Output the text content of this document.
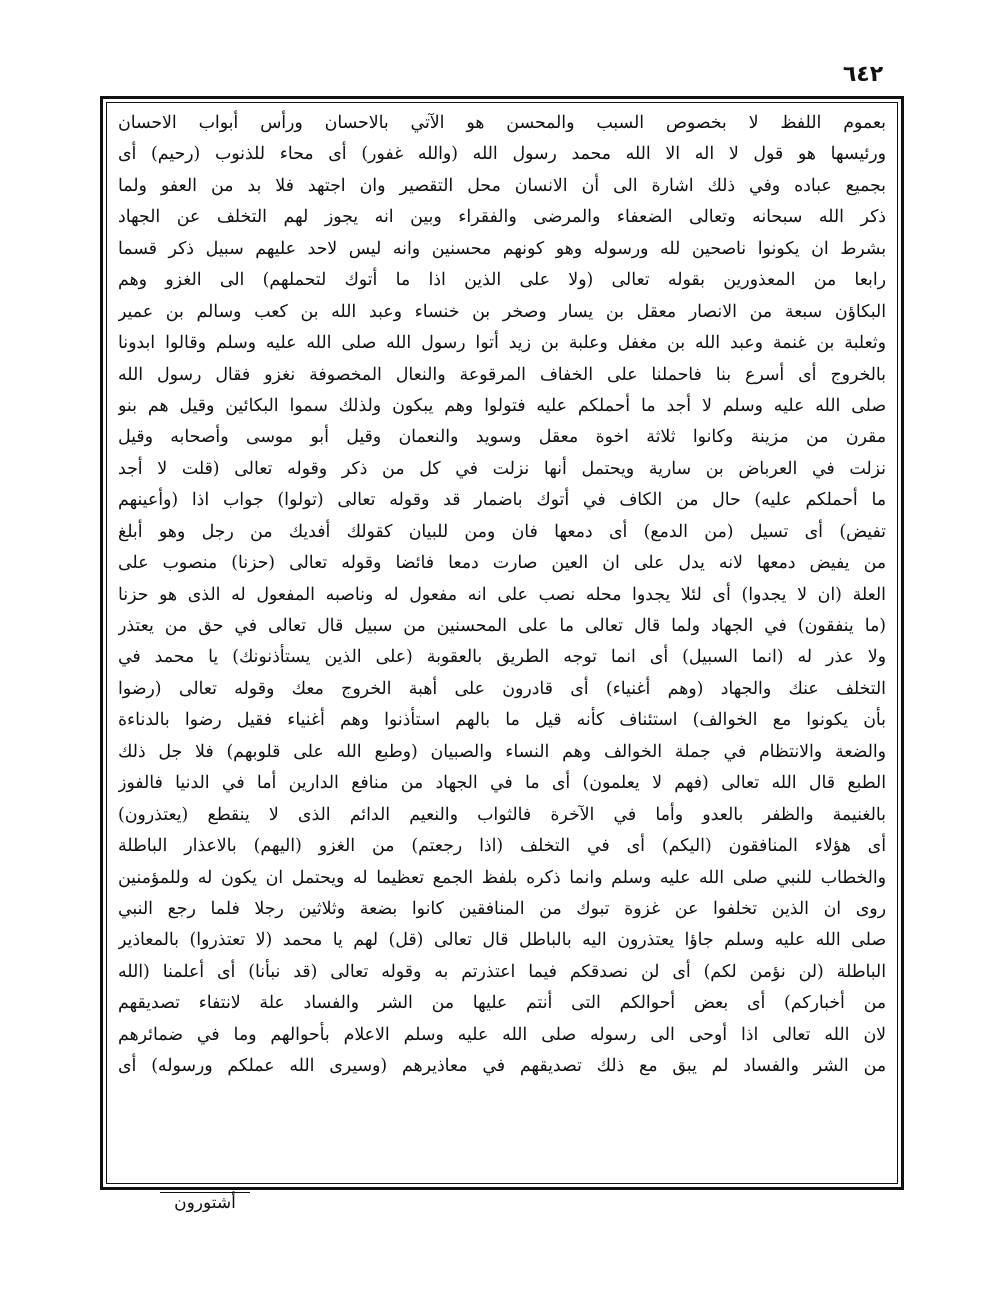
٦٤٢
بعموم اللفظ لا بخصوص السبب والمحسن هو الآتي بالاحسان ورأس أبواب الاحسان
ورئيسها هو قول لا اله الا الله محمد رسول الله (والله غفور) أى محاء للذنوب (رحيم) أى
بجميع عباده وفي ذلك اشارة الى أن الانسان محل التقصير وان اجتهد فلا بد من العفو ولما
ذكر الله سبحانه وتعالى الضعفاء والمرضى والفقراء وبين انه يجوز لهم التخلف عن الجهاد
بشرط ان يكونوا ناصحين لله ورسوله وهو كونهم محسنين وانه ليس لاحد عليهم سبيل ذكر قسما
رابعا من المعذورين بقوله تعالى (ولا على الذين اذا ما أتوك لتحملهم) الى الغزو وهم
البكاؤن سبعة من الانصار معقل بن يسار وصخر بن خنساء وعبد الله بن كعب وسالم بن عمير
وثعلبة بن غنمة وعبد الله بن مغفل وعلبة بن زيد أتوا رسول الله صلى الله عليه وسلم وقالوا ابدونا
بالخروج أى أسرع بنا فاحملنا على الخفاف المرقوعة والنعال المخصوفة نغزو فقال رسول الله
صلى الله عليه وسلم لا أجد ما أحملكم عليه فتولوا وهم يبكون ولذلك سموا البكائين وقيل هم بنو
مقرن من مزينة وكانوا ثلاثة اخوة معقل وسويد والنعمان وقيل أبو موسى وأصحابه وقيل
نزلت في العرباض بن سارية ويحتمل أنها نزلت في كل من ذكر وقوله تعالى (قلت لا أجد
ما أحملكم عليه) حال من الكاف في أتوك باضمار قد وقوله تعالى (تولوا) جواب اذا (وأعينهم
تفيض) أى تسيل (من الدمع) أى دمعها فان ومن للبيان كقولك أفديك من رجل وهو أبلغ
من يفيض دمعها لانه يدل على ان العين صارت دمعا فائضا وقوله تعالى (حزنا) منصوب على
العلة (ان لا يجدوا) أى لئلا يجدوا محله نصب على انه مفعول له وناصبه المفعول له الذى هو حزنا
(ما ينفقون) في الجهاد ولما قال تعالى ما على المحسنين من سبيل قال تعالى في حق من يعتذر
ولا عذر له (انما السبيل) أى انما توجه الطريق بالعقوبة (على الذين يستأذنونك) يا محمد في
التخلف عنك والجهاد (وهم أغنياء) أى قادرون على أهبة الخروج معك وقوله تعالى (رضوا
بأن يكونوا مع الخوالف) استئناف كأنه قيل ما بالهم استأذنوا وهم أغنياء فقيل رضوا بالدناءة
والضعة والانتظام في جملة الخوالف وهم النساء والصبيان (وطبع الله على قلوبهم) فلا جل ذلك
الطبع قال الله تعالى (فهم لا يعلمون) أى ما في الجهاد من منافع الدارين أما في الدنيا فالفوز
بالغنيمة والظفر بالعدو وأما في الآخرة فالثواب والنعيم الدائم الذى لا ينقطع (يعتذرون)
أى هؤلاء المنافقون (اليكم) أى في التخلف (اذا رجعتم) من الغزو (اليهم) بالاعذار الباطلة
والخطاب للنبي صلى الله عليه وسلم وانما ذكره بلفظ الجمع تعظيما له ويحتمل ان يكون له وللمؤمنين
روى ان الذين تخلفوا عن غزوة تبوك من المنافقين كانوا بضعة وثلاثين رجلا فلما رجع النبي
صلى الله عليه وسلم جاؤا يعتذرون اليه بالباطل قال تعالى (قل) لهم يا محمد (لا تعتذروا) بالمعاذير
الباطلة (لن نؤمن لكم) أى لن نصدقكم فيما اعتذرتم به وقوله تعالى (قد نبأنا) أى أعلمنا (الله
من أخباركم) أى بعض أحوالكم التى أنتم عليها من الشر والفساد علة لانتفاء تصديقهم
لان الله تعالى اذا أوحى الى رسوله صلى الله عليه وسلم الاعلام بأحوالهم وما في ضمائرهم
من الشر والفساد لم يبق مع ذلك تصديقهم في معاذيرهم (وسيرى الله عملكم ورسوله) أى
أشتورون
